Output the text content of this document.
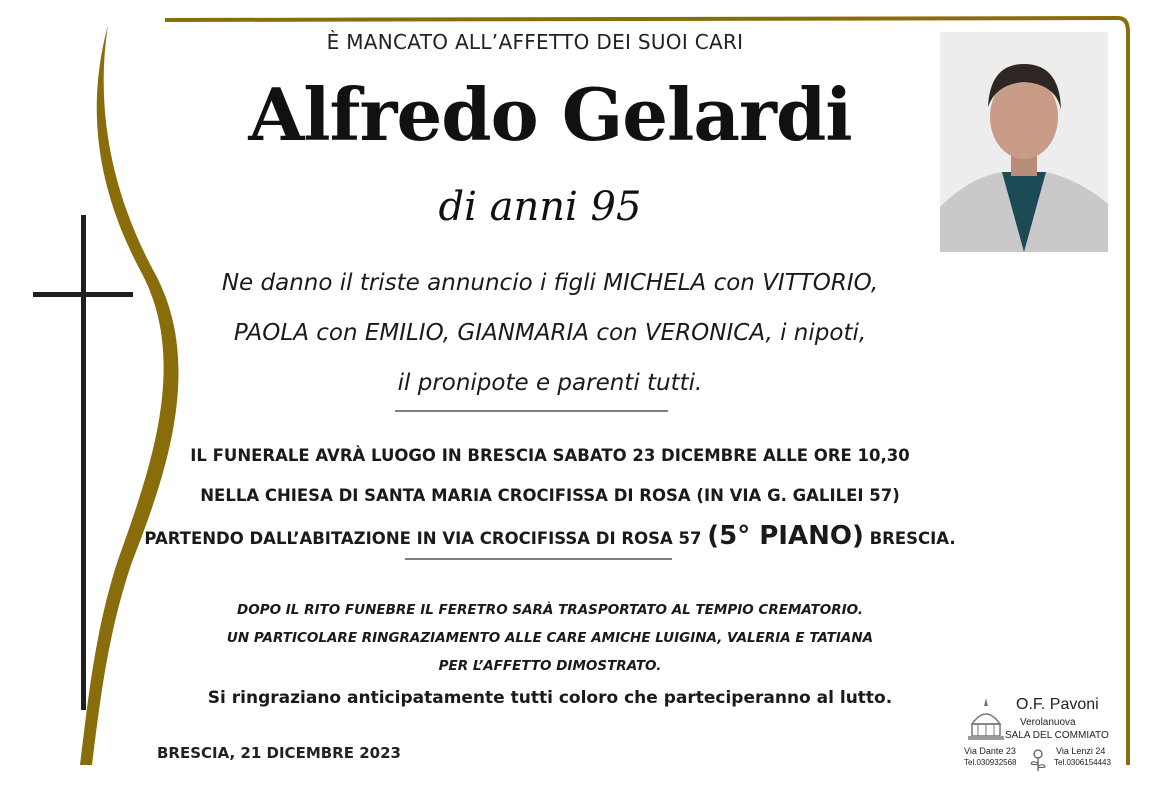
È MANCATO ALL’AFFETTO DEI SUOI CARI
Alfredo Gelardi
di anni 95
Ne danno il triste annuncio i figli MICHELA con VITTORIO,
PAOLA con EMILIO, GIANMARIA con VERONICA, i nipoti,
il pronipote e parenti tutti.
IL FUNERALE AVRÀ LUOGO IN BRESCIA SABATO 23 DICEMBRE ALLE ORE 10,30
NELLA CHIESA DI SANTA MARIA CROCIFISSA DI ROSA (IN VIA G. GALILEI 57)
PARTENDO DALL’ABITAZIONE IN VIA CROCIFISSA DI ROSA 57 (5° PIANO) BRESCIA.
DOPO IL RITO FUNEBRE IL FERETRO SARÀ TRASPORTATO AL TEMPIO CREMATORIO.
UN PARTICOLARE RINGRAZIAMENTO ALLE CARE AMICHE LUIGINA, VALERIA E TATIANA
PER L’AFFETTO DIMOSTRATO.
Si ringraziano anticipatamente tutti coloro che parteciperanno al lutto.
BRESCIA, 21 DICEMBRE 2023
O.F. Pavoni
Verolanuova
SALA DEL COMMIATO
Via Dante 23
Tel.030932568
Via Lenzi 24
Tel.0306154443
